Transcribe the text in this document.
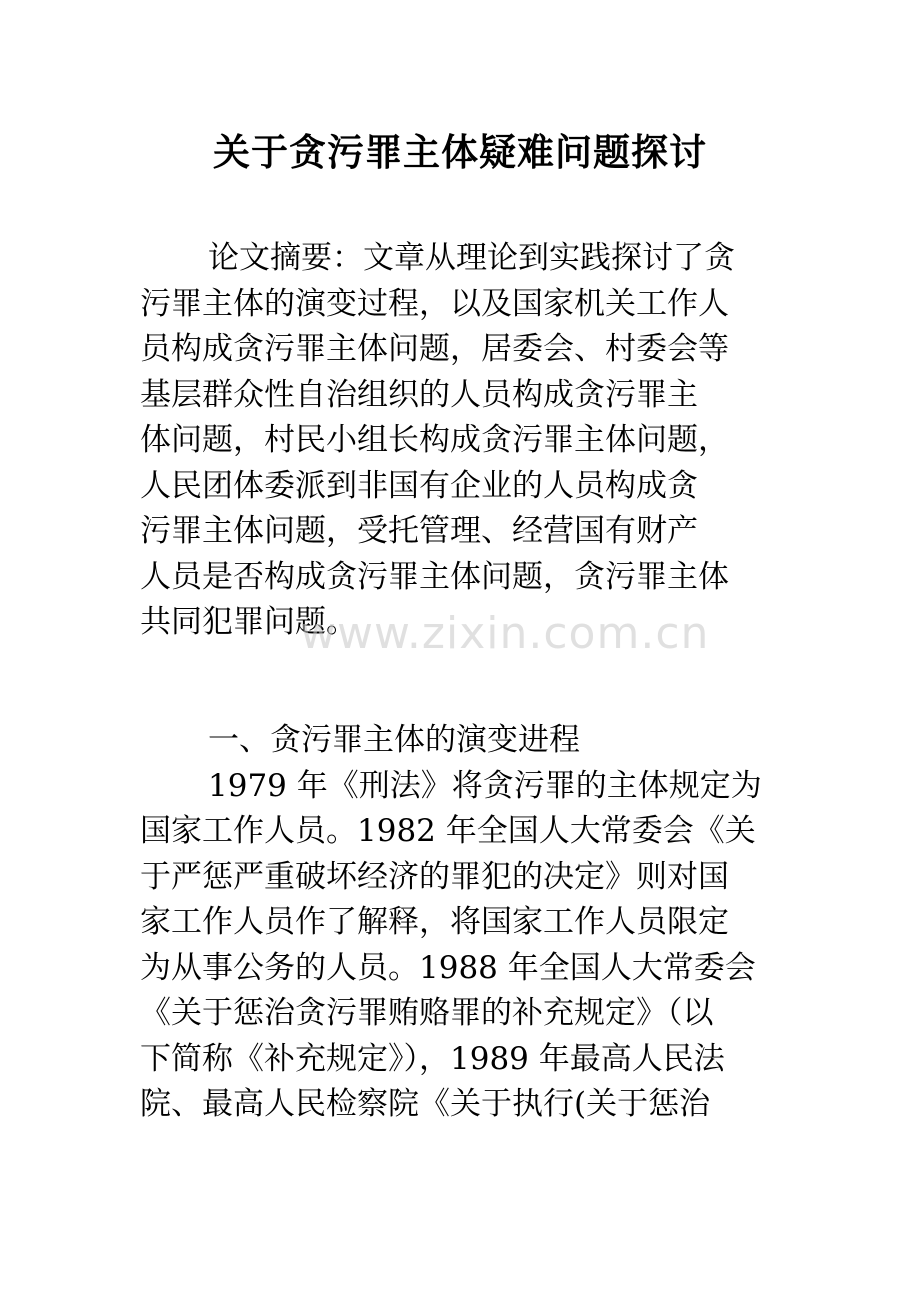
关于贪污罪主体疑难问题探讨
论文摘要：文章从理论到实践探讨了贪
污罪主体的演变过程，以及国家机关工作人
员构成贪污罪主体问题，居委会、村委会等
基层群众性自治组织的人员构成贪污罪主
体问题，村民小组长构成贪污罪主体问题，
人民团体委派到非国有企业的人员构成贪
污罪主体问题，受托管理、经营国有财产
人员是否构成贪污罪主体问题，贪污罪主体
共同犯罪问题。
一、贪污罪主体的演变进程
1979 年《刑法》将贪污罪的主体规定为
国家工作人员。1982 年全国人大常委会《关
于严惩严重破坏经济的罪犯的决定》则对国
家工作人员作了解释，将国家工作人员限定
为从事公务的人员。1988 年全国人大常委会
《关于惩治贪污罪贿赂罪的补充规定》（以
下简称《补充规定》），1989 年最高人民法
院、最高人民检察院《关于执行(关于惩治
www.zixin.com.cn
